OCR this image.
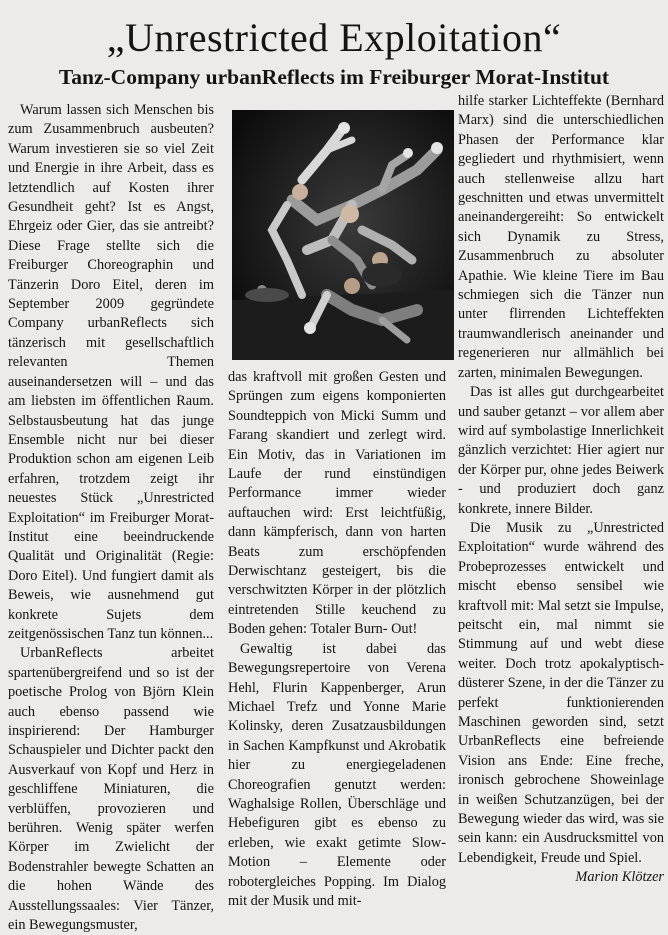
„Unrestricted Exploitation“
Tanz-Company urbanReflects im Freiburger Morat-Institut

Warum lassen sich Menschen bis zum Zusammenbruch ausbeuten? Warum investieren sie so viel Zeit und Energie in ihre Arbeit, dass es letztendlich auf Kosten ihrer Gesundheit geht? Ist es Angst, Ehrgeiz oder Gier, das sie antreibt? Diese Frage stellte sich die Freiburger Choreographin und Tänzerin Doro Eitel, deren im September 2009 gegründete Company urbanReflects sich tänzerisch mit gesellschaftlich relevanten Themen auseinandersetzen will – und das am liebsten im öffentlichen Raum. Selbstausbeutung hat das junge Ensemble nicht nur bei dieser Produktion schon am eigenen Leib erfahren, trotzdem zeigt ihr neuestes Stück „Unrestricted Exploitation“ im Freiburger Morat- Institut eine beeindruckende Qualität und Originalität (Regie: Doro Eitel). Und fungiert damit als Beweis, wie ausnehmend gut konkrete Sujets dem zeitgenössischen Tanz tun können...

UrbanReflects arbeitet spartenübergreifend und so ist der poetische Prolog von Björn Klein auch ebenso passend wie inspirierend: Der Hamburger Schauspieler und Dichter packt den Ausverkauf von Kopf und Herz in geschliffene Miniaturen, die verblüffen, provozieren und berühren. Wenig später werfen Körper im Zwielicht der Bodenstrahler bewegte Schatten an die hohen Wände des Ausstellungssaales: Vier Tänzer, ein Bewegungsmuster,

das kraftvoll mit großen Gesten und Sprüngen zum eigens komponierten Soundteppich von Micki Summ und Farang skandiert und zerlegt wird. Ein Motiv, das in Variationen im Laufe der rund einstündigen Performance immer wieder auftauchen wird: Erst leichtfüßig, dann kämpferisch, dann von harten Beats zum erschöpfenden Derwischtanz gesteigert, bis die verschwitzten Körper in der plötzlich eintretenden Stille keuchend zu Boden gehen: Totaler Burn- Out!

Gewaltig ist dabei das Bewegungsrepertoire von Verena Hehl, Flurin Kappenberger, Arun Michael Trefz und Yonne Marie Kolinsky, deren Zusatzausbildungen in Sachen Kampfkunst und Akrobatik hier zu energiegeladenen Choreografien genutzt werden: Waghalsige Rollen, Überschläge und Hebefiguren gibt es ebenso zu erleben, wie exakt getimte Slow- Motion – Elemente oder robotergleiches Popping. Im Dialog mit der Musik und mit-

hilfe starker Lichteffekte (Bernhard Marx) sind die unterschiedlichen Phasen der Performance klar gegliedert und rhythmisiert, wenn auch stellenweise allzu hart geschnitten und etwas unvermittelt aneinandergereiht: So entwickelt sich Dynamik zu Stress, Zusammenbruch zu absoluter Apathie. Wie kleine Tiere im Bau schmiegen sich die Tänzer nun unter flirrenden Lichteffekten traumwandlerisch aneinander und regenerieren nur allmählich bei zarten, minimalen Bewegungen.

Das ist alles gut durchgearbeitet und sauber getanzt – vor allem aber wird auf symbolastige Innerlichkeit gänzlich verzichtet: Hier agiert nur der Körper pur, ohne jedes Beiwerk - und produziert doch ganz konkrete, innere Bilder.

Die Musik zu „Unrestricted Exploitation“ wurde während des Probeprozesses entwickelt und mischt ebenso sensibel wie kraftvoll mit: Mal setzt sie Impulse, peitscht ein, mal nimmt sie Stimmung auf und webt diese weiter. Doch trotz apokalyptisch-düsterer Szene, in der die Tänzer zu perfekt funktionierenden Maschinen geworden sind, setzt UrbanReflects eine befreiende Vision ans Ende: Eine freche, ironisch gebrochene Showeinlage in weißen Schutzanzügen, bei der Bewegung wieder das wird, was sie sein kann: ein Ausdrucksmittel von Lebendigkeit, Freude und Spiel.
Marion Klötzer
